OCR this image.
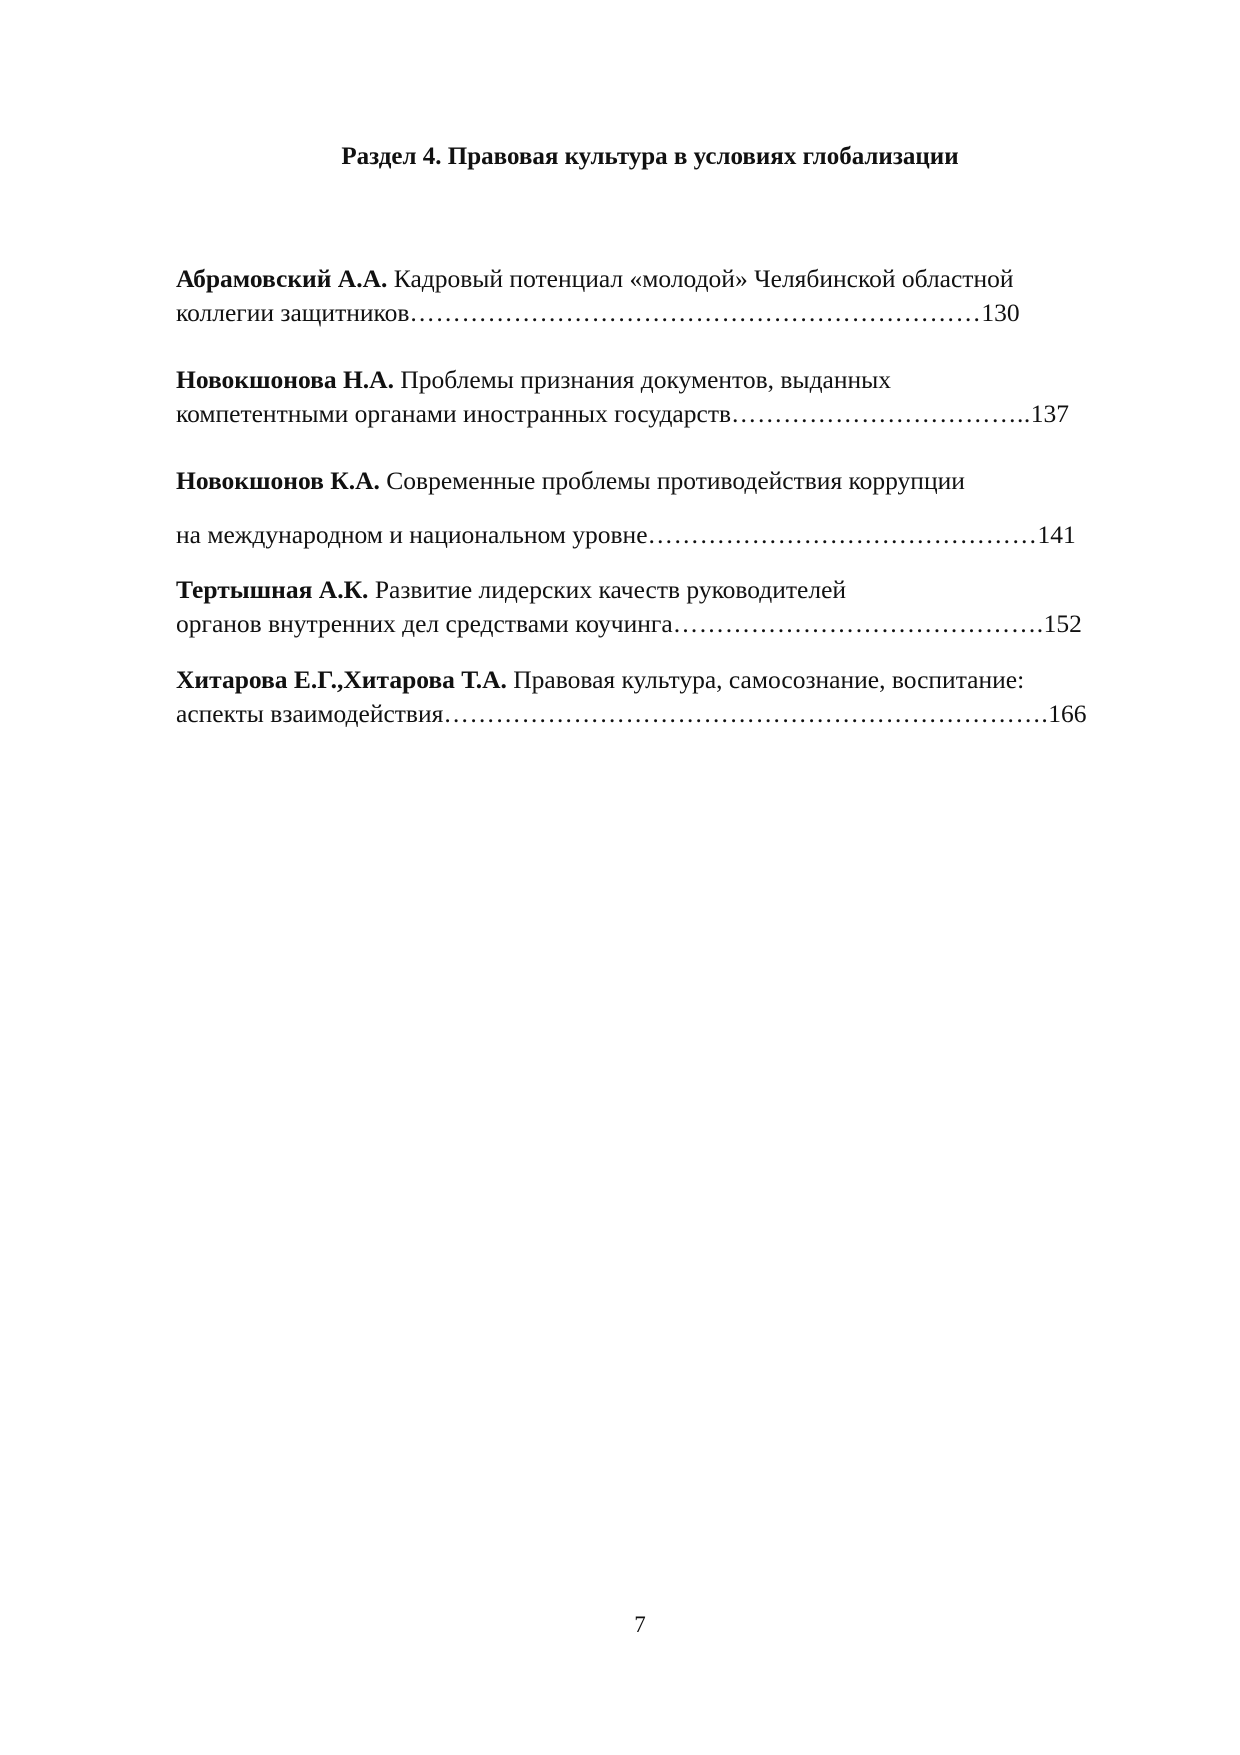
Раздел 4. Правовая культура в условиях глобализации
Абрамовский А.А. Кадровый потенциал «молодой» Челябинской областной
коллегии защитников…………………………………………………………130
Новокшонова Н.А. Проблемы признания документов, выданных
компетентными органами иностранных государств……………………………..137
Новокшонов К.А. Современные проблемы противодействия коррупции
на международном и национальном уровне………………………………………141
Тертышная А.К. Развитие лидерских качеств руководителей
органов внутренних дел средствами коучинга…………………………………….152
Хитарова Е.Г.,Хитарова Т.А. Правовая культура, самосознание, воспитание:
аспекты взаимодействия…………………………………………………………….166
7
